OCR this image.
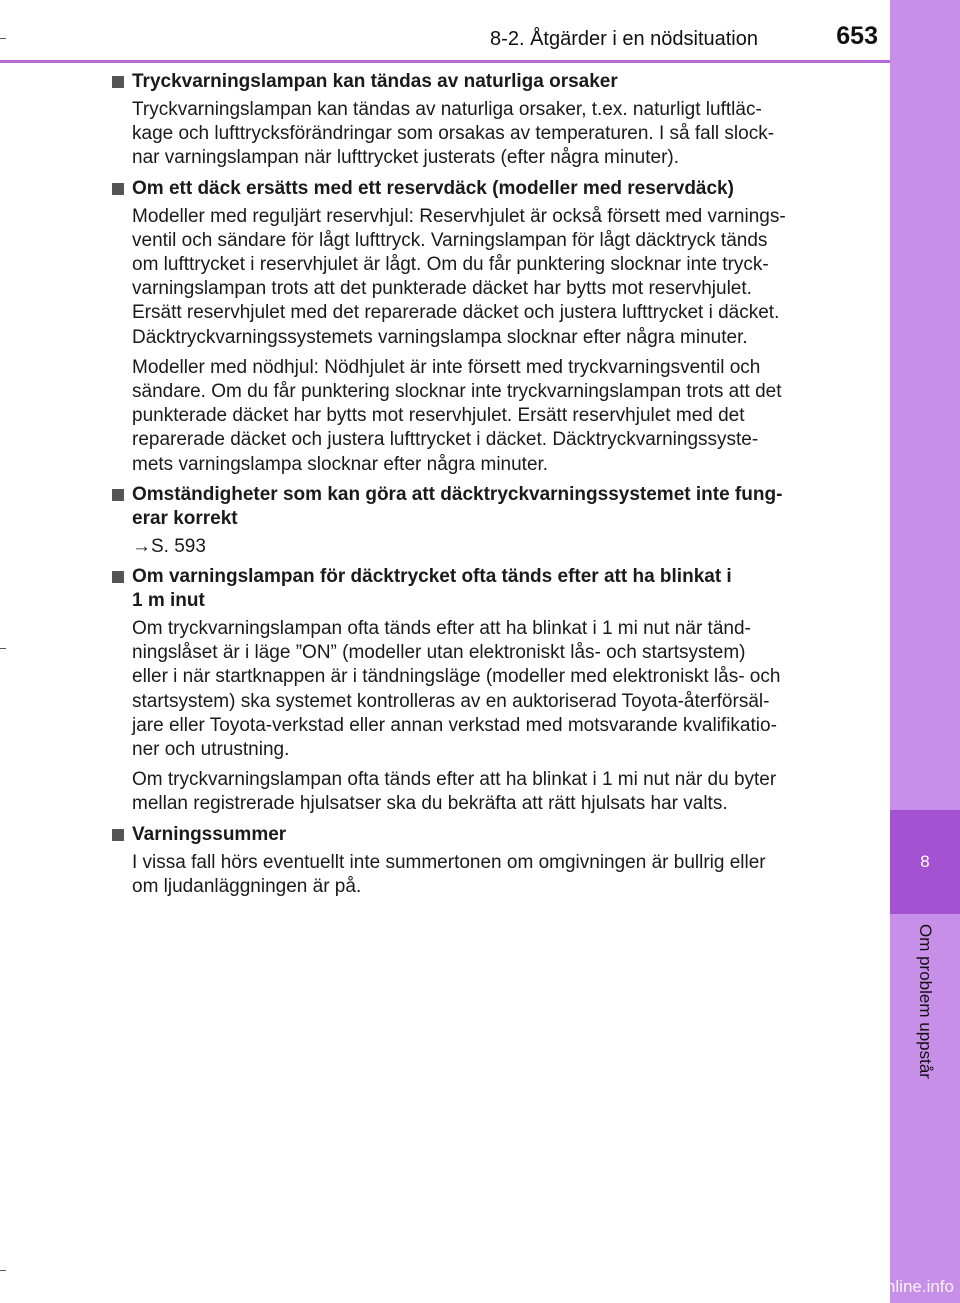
8-2. Åtgärder i en nödsituation	653
8
Om problem uppstår
Tryckvarningslampan kan tändas av naturliga orsaker

Tryckvarningslampan kan tändas av naturliga orsaker, t.ex. naturligt luftläc-
kage och lufttrycksförändringar som orsakas av temperaturen. I så fall slock-
nar varningslampan när lufttrycket justerats (efter några minuter).

Om ett däck ersätts med ett reservdäck (modeller med reservdäck)

Modeller med reguljärt reservhjul: Reservhjulet är också försett med varnings-
ventil och sändare för lågt lufttryck. Varningslampan för lågt däcktryck tänds
om lufttrycket i reservhjulet är lågt. Om du får punktering slocknar inte tryck-
varningslampan trots att det punkterade däcket har bytts mot reservhjulet.
Ersätt reservhjulet med det reparerade däcket och justera lufttrycket i däcket.
Däcktryckvarningssystemets varningslampa slocknar efter några minuter.

Modeller med nödhjul: Nödhjulet är inte försett med tryckvarningsventil och
sändare. Om du får punktering slocknar inte tryckvarningslampan trots att det
punkterade däcket har bytts mot reservhjulet. Ersätt reservhjulet med det
reparerade däcket och justera lufttrycket i däcket. Däcktryckvarningssyste-
mets varningslampa slocknar efter några minuter.

Omständigheter som kan göra att däcktryckvarningssystemet inte fung-
erar korrekt

→S. 593

Om varningslampan för däcktrycket ofta tänds efter att ha blinkat i
1 m inut

Om tryckvarningslampan ofta tänds efter att ha blinkat i 1 mi nut när tänd-
ningslåset är i läge ”ON” (modeller utan elektroniskt lås- och startsystem)
eller i när startknappen är i tändningsläge (modeller med elektroniskt lås- och
startsystem) ska systemet kontrolleras av en auktoriserad Toyota-återförsäl-
jare eller Toyota-verkstad eller annan verkstad med motsvarande kvalifikatio-
ner och utrustning.

Om tryckvarningslampan ofta tänds efter att ha blinkat i 1 mi nut när du byter
mellan registrerade hjulsatser ska du bekräfta att rätt hjulsats har valts.

Varningssummer

I vissa fall hörs eventuellt inte summertonen om omgivningen är bullrig eller
om ljudanläggningen är på.

carmanualsonline.info
